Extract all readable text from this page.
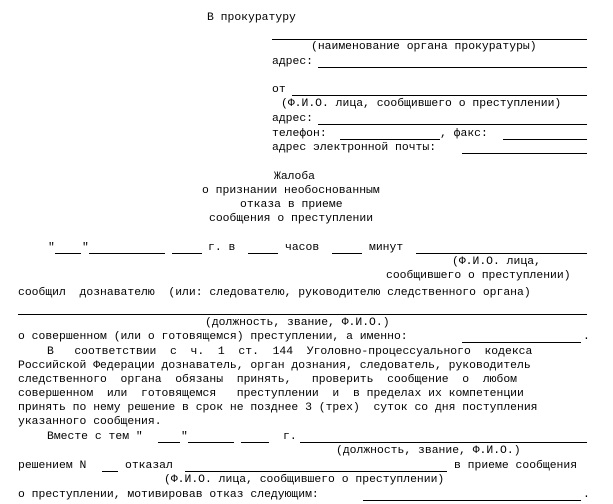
В прокуратуру
(наименование органа прокуратуры)
адрес:
от
(Ф.И.О. лица, сообщившего о преступлении)
адрес:
телефон:	, факс:
адрес электронной почты:
Жалоба
о признании необоснованным
отказа в приеме
сообщения о преступлении
" "	г. в	часов	минут
(Ф.И.О. лица,
сообщившего о преступлении)
сообщил  дознавателю  (или: следователю, руководителю следственного органа)
(должность, звание, Ф.И.О.)
о совершенном (или о готовящемся) преступлении, а именно:	.
В   соответствии  с  ч.  1  ст.  144  Уголовно-процессуального  кодекса
Российской Федерации дознаватель, орган дознания, следователь, руководитель
следственного  органа  обязаны  принять,   проверить  сообщение  о  любом
совершенном  или  готовящемся   преступлении  и  в пределах их компетенции
принять по нему решение в срок не позднее 3 (трех)  суток со дня поступления
указанного сообщения.
Вместе с тем "	"	г.
(должность, звание, Ф.И.О.)
решением N	отказал	в приеме сообщения
(Ф.И.О. лица, сообщившего о преступлении)
о преступлении, мотивировав отказ следующим:	.
